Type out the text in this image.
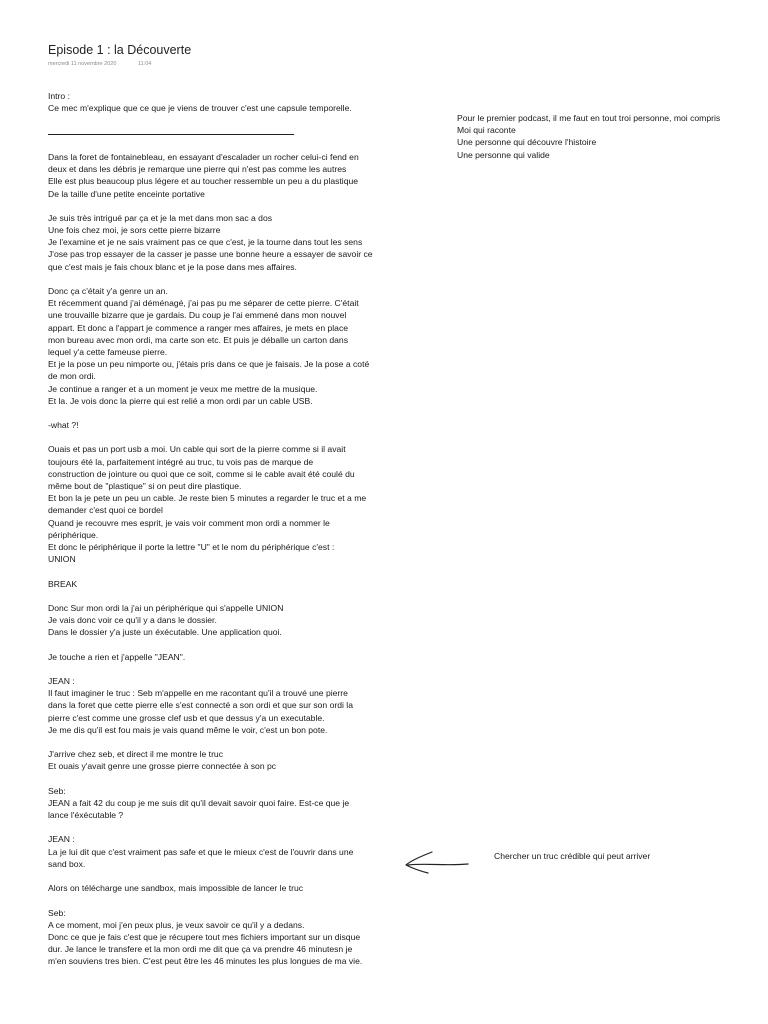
Episode 1 : la Découverte
mercredi 11 novembre 2020	11:04
Intro :
Ce mec m'explique que ce que je viens de trouver c'est une capsule temporelle.
Dans la foret de fontainebleau, en essayant d'escalader un rocher celui-ci fend en
deux et dans les débris je remarque une pierre qui n'est pas comme les autres
Elle est plus beaucoup plus légere et au toucher ressemble un peu a du plastique
De la taille d'une petite enceinte portative
Je suis très intrigué par ça et je la met dans mon sac a dos
Une fois chez moi, je sors cette pierre bizarre
Je l'examine et je ne sais vraiment pas ce que c'est, je la tourne dans tout les sens
J'ose pas trop essayer de la casser je passe une bonne heure a essayer de savoir ce
que c'est mais je fais choux blanc et je la pose dans mes affaires.
Donc ça c'était y'a genre un an.
Et récemment quand j'ai déménagé, j'ai pas pu me séparer de cette pierre. C'était
une trouvaille bizarre que je gardais. Du coup je l'ai emmené dans mon nouvel
appart. Et donc a l'appart je commence a ranger mes affaires, je mets en place
mon bureau avec mon ordi, ma carte son etc. Et puis je déballe un carton dans
lequel y'a cette fameuse pierre.
Et je la pose un peu nimporte ou, j'étais pris dans ce que je faisais. Je la pose a coté
de mon ordi.
Je continue a ranger et a un moment je veux me mettre de la musique.
Et la. Je vois donc la pierre qui est relié a mon ordi par un cable USB.
-what ?!
Ouais et pas un port usb a moi. Un cable qui sort de la pierre comme si il avait
toujours été la, parfaitement intégré au truc, tu vois pas de marque de
construction de jointure ou quoi que ce soit, comme si le cable avait été coulé du
même bout de "plastique" si on peut dire plastique.
Et bon la je pete un peu un cable. Je reste bien 5 minutes a regarder le truc et a me
demander c'est quoi ce bordel
Quand je recouvre mes esprit, je vais voir comment mon ordi a nommer le
périphérique.
Et donc le périphérique il porte la lettre "U" et le nom du périphérique c'est :
UNION
BREAK
Donc Sur mon ordi la j'ai un périphérique qui s'appelle UNION
Je vais donc voir ce qu'il y a dans le dossier.
Dans le dossier y'a juste un éxécutable. Une application quoi.
Je touche a rien et j'appelle "JEAN".
JEAN :
Il faut imaginer le truc : Seb m'appelle en me racontant qu'il a trouvé une pierre
dans la foret que cette pierre elle s'est connecté a son ordi et que sur son ordi la
pierre c'est comme une grosse clef usb et que dessus y'a un executable.
Je me dis qu'il est fou mais je vais quand même le voir, c'est un bon pote.
J'arrive chez seb, et direct il me montre le truc
Et ouais y'avait genre une grosse pierre connectée à son pc
Seb:
JEAN a fait 42 du coup je me suis dit qu'il devait savoir quoi faire. Est-ce que je
lance l'éxécutable ?
JEAN :
La je lui dit que c'est vraiment pas safe et que le mieux c'est de l'ouvrir dans une
sand box.
Alors on télécharge une sandbox, mais impossible de lancer le truc
Seb:
A ce moment, moi j'en peux plus, je veux savoir ce qu'il y a dedans.
Donc ce que je fais c'est que je récupere tout mes fichiers important sur un disque
dur. Je lance le transfere et la mon ordi me dit que ça va prendre 46 minutesn je
m'en souviens tres bien. C'est peut être les 46 minutes les plus longues de ma vie.
Pour le premier podcast, il me faut en tout troi personne, moi compris
Moi qui raconte
Une personne qui découvre l'histoire
Une personne qui valide
Chercher un truc crédible qui peut arriver
